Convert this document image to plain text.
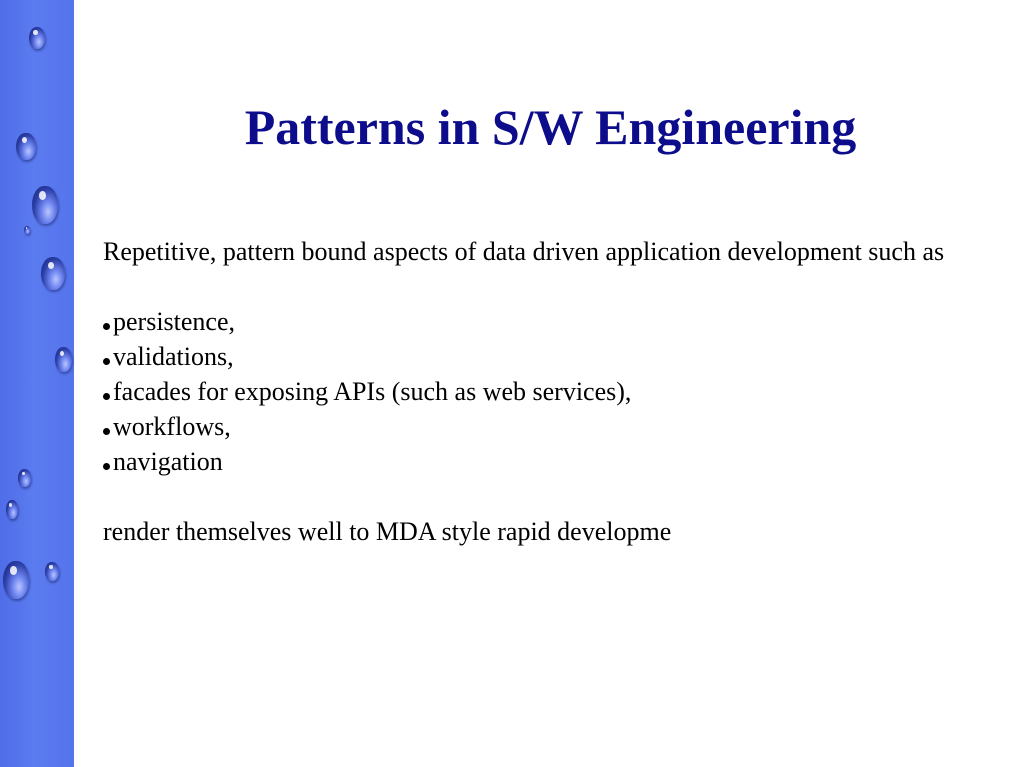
Patterns in S/W Engineering

Repetitive, pattern bound aspects of data driven application development such as

persistence,
validations,
facades for exposing APIs (such as web services),
workflows,
navigation

render themselves well to MDA style rapid developme
